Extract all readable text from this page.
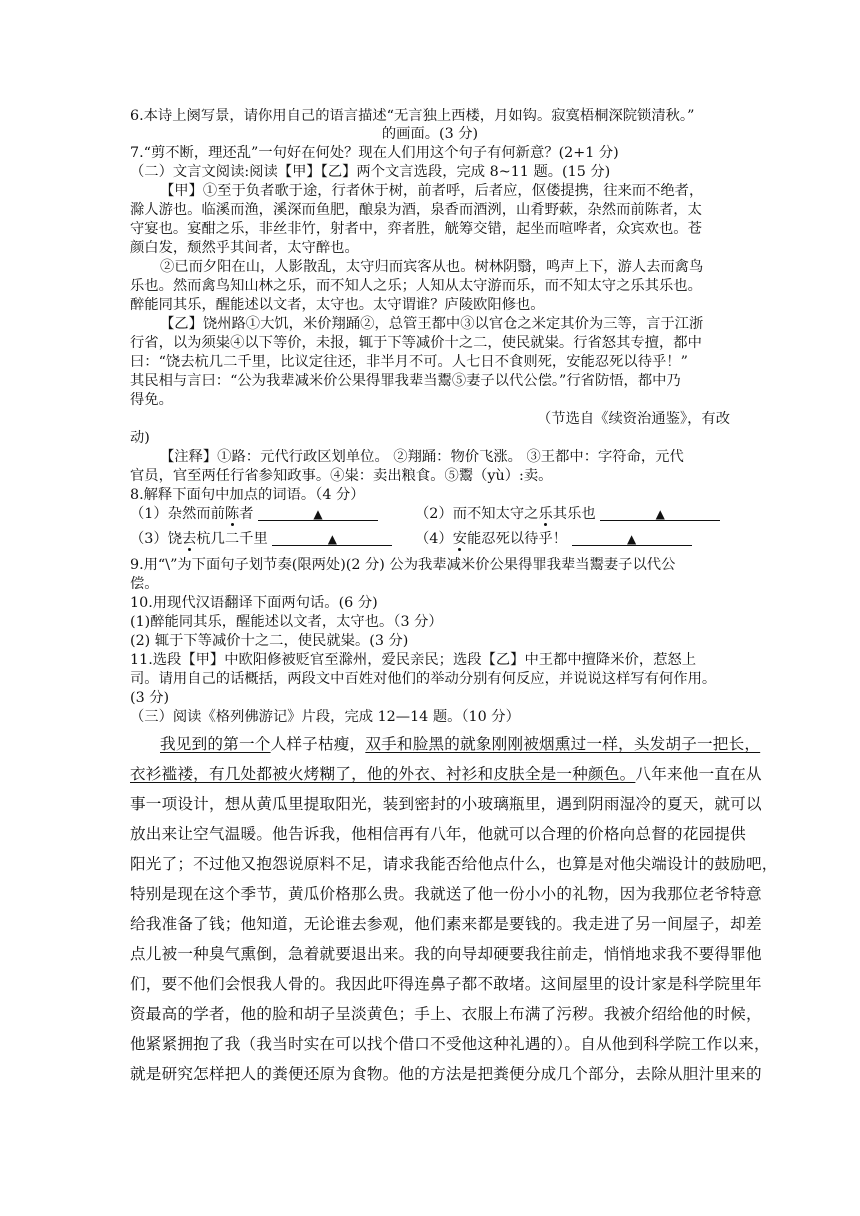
6.本诗上阕写景，请你用自己的语言描述“无言独上西楼，月如钩。寂寞梧桐深院锁清秋。”
的画面。(3 分)
7.“剪不断，理还乱”一句好在何处？现在人们用这个句子有何新意？(2+1 分)
（二）文言文阅读:阅读【甲】【乙】两个文言选段，完成 8~11 题。(15 分)
【甲】①至于负者歌于途，行者休于树，前者呼，后者应，伛偻提携，往来而不绝者，
滁人游也。临溪而渔，溪深而鱼肥，酿泉为酒，泉香而酒洌，山肴野蔌，杂然而前陈者，太
守宴也。宴酣之乐，非丝非竹，射者中，弈者胜，觥筹交错，起坐而喧哗者，众宾欢也。苍
颜白发，颓然乎其间者，太守醉也。
②已而夕阳在山，人影散乱，太守归而宾客从也。树林阴翳，鸣声上下，游人去而禽鸟
乐也。然而禽鸟知山林之乐，而不知人之乐；人知从太守游而乐，而不知太守之乐其乐也。
醉能同其乐，醒能述以文者，太守也。太守谓谁？庐陵欧阳修也。
【乙】饶州路①大饥，米价翔踊②，总管王都中③以官仓之米定其价为三等，言于江浙
行省，以为须粜④以下等价，未报，辄于下等减价十之二，使民就粜。行省怒其专擅，都中
曰：“饶去杭几二千里，比议定往还，非半月不可。人七日不食则死，安能忍死以待乎！”
其民相与言曰：“公为我辈减米价公果得罪我辈当鬻⑤妻子以代公偿。”行省防悟，都中乃
得免。
（节选自《续资治通鉴》，有改
动)
【注释】①路：元代行政区划单位。 ②翔踊：物价飞涨。 ③王都中：字符命，元代
官员，官至两任行省参知政事。④粜：卖出粮食。⑤鬻（yù）:卖。
8.解释下面句中加点的词语。（4 分）
（1）杂然而前陈者	▲	（2）而不知太守之乐其乐也	▲
（3）饶去杭几二千里	▲	（4）安能忍死以待乎！	▲
9.用“\”为下面句子划节奏(限两处)(2 分) 公为我辈减米价公果得罪我辈当鬻妻子以代公
偿。
10.用现代汉语翻译下面两句话。(6 分)
(1)醉能同其乐，醒能述以文者，太守也。（3 分）
(2) 辄于下等减价十之二，使民就粜。(3 分)
11.选段【甲】中欧阳修被贬官至滁州，爱民亲民；选段【乙】中王都中擅降米价，惹怒上
司。请用自己的话概括，两段文中百姓对他们的举动分别有何反应，并说说这样写有何作用。
(3 分)
（三）阅读《格列佛游记》片段，完成 12—14 题。（10 分）
我见到的第一个人样子枯瘦，双手和脸黑的就象刚刚被烟熏过一样，头发胡子一把长，
衣衫褴褛，有几处都被火烤糊了，他的外衣、衬衫和皮肤全是一种颜色。八年来他一直在从
事一项设计，想从黄瓜里提取阳光，装到密封的小玻璃瓶里，遇到阴雨湿冷的夏天，就可以
放出来让空气温暖。他告诉我，他相信再有八年，他就可以合理的价格向总督的花园提供
阳光了；不过他又抱怨说原料不足，请求我能否给他点什么，也算是对他尖端设计的鼓励吧，
特别是现在这个季节，黄瓜价格那么贵。我就送了他一份小小的礼物，因为我那位老爷特意
给我准备了钱；他知道，无论谁去参观，他们素来都是要钱的。我走进了另一间屋子，却差
点儿被一种臭气熏倒，急着就要退出来。我的向导却硬要我往前走，悄悄地求我不要得罪他
们，要不他们会恨我人骨的。我因此吓得连鼻子都不敢堵。这间屋里的设计家是科学院里年
资最高的学者，他的脸和胡子呈淡黄色；手上、衣服上布满了污秽。我被介绍给他的时候，
他紧紧拥抱了我（我当时实在可以找个借口不受他这种礼遇的）。自从他到科学院工作以来，
就是研究怎样把人的粪便还原为食物。他的方法是把粪便分成几个部分，去除从胆汁里来的
